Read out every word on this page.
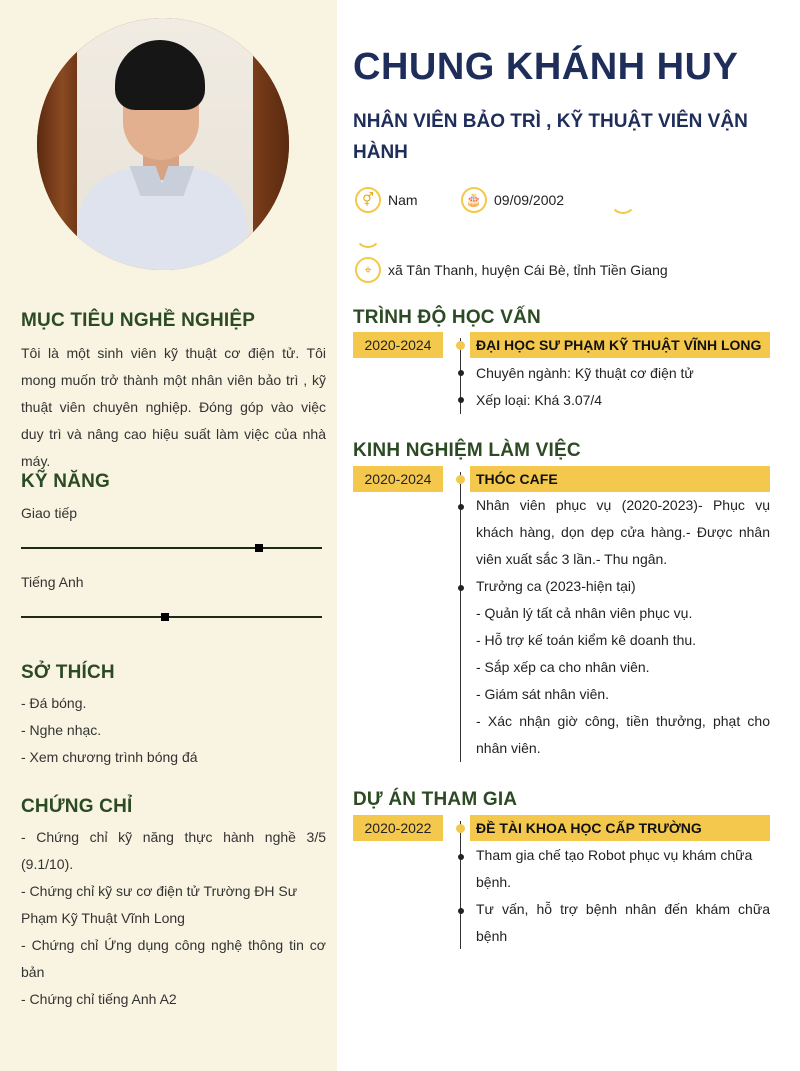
MỤC TIÊU NGHỀ NGHIỆP
Tôi là một sinh viên kỹ thuật cơ điện tử. Tôi mong muốn trở thành một nhân viên bảo trì , kỹ thuật viên chuyên nghiệp. Đóng góp vào việc duy trì và nâng cao hiệu suất làm việc của nhà máy.
KỸ NĂNG
Giao tiếp
Tiếng Anh
SỞ THÍCH
- Đá bóng.
- Nghe nhạc.
- Xem chương trình bóng đá
CHỨNG CHỈ
- Chứng chỉ kỹ năng thực hành nghề 3/5 (9.1/10).
- Chứng chỉ kỹ sư cơ điện tử Trường ĐH Sư Phạm Kỹ Thuật Vĩnh Long
- Chứng chỉ Ứng dụng công nghệ thông tin cơ bản
- Chứng chỉ tiếng Anh A2
CHUNG KHÁNH HUY
NHÂN VIÊN BẢO TRÌ , KỸ THUẬT VIÊN VẬN HÀNH
⚥	Nam	🎂 09/09/2002
⌖	xã Tân Thanh, huyện Cái Bè, tỉnh Tiền Giang
TRÌNH ĐỘ HỌC VẤN
2020-2024	ĐẠI HỌC SƯ PHẠM KỸ THUẬT VĨNH LONG
Chuyên ngành: Kỹ thuật cơ điện tử
Xếp loại: Khá 3.07/4
KINH NGHIỆM LÀM VIỆC
2020-2024	THÓC CAFE
Nhân viên phục vụ (2020-2023)- Phục vụ khách hàng, dọn dẹp cửa hàng.- Được nhân viên xuất sắc 3 lần.- Thu ngân.
Trưởng ca (2023-hiện tại)
- Quản lý tất cả nhân viên phục vụ.
- Hỗ trợ kế toán kiểm kê doanh thu.
- Sắp xếp ca cho nhân viên.
- Giám sát nhân viên.
- Xác nhận giờ công, tiền thưởng, phạt cho nhân viên.
DỰ ÁN THAM GIA
2020-2022	ĐỀ TÀI KHOA HỌC CẤP TRƯỜNG
Tham gia chế tạo Robot phục vụ khám chữa bệnh.
Tư vấn, hỗ trợ bệnh nhân đến khám chữa bệnh
